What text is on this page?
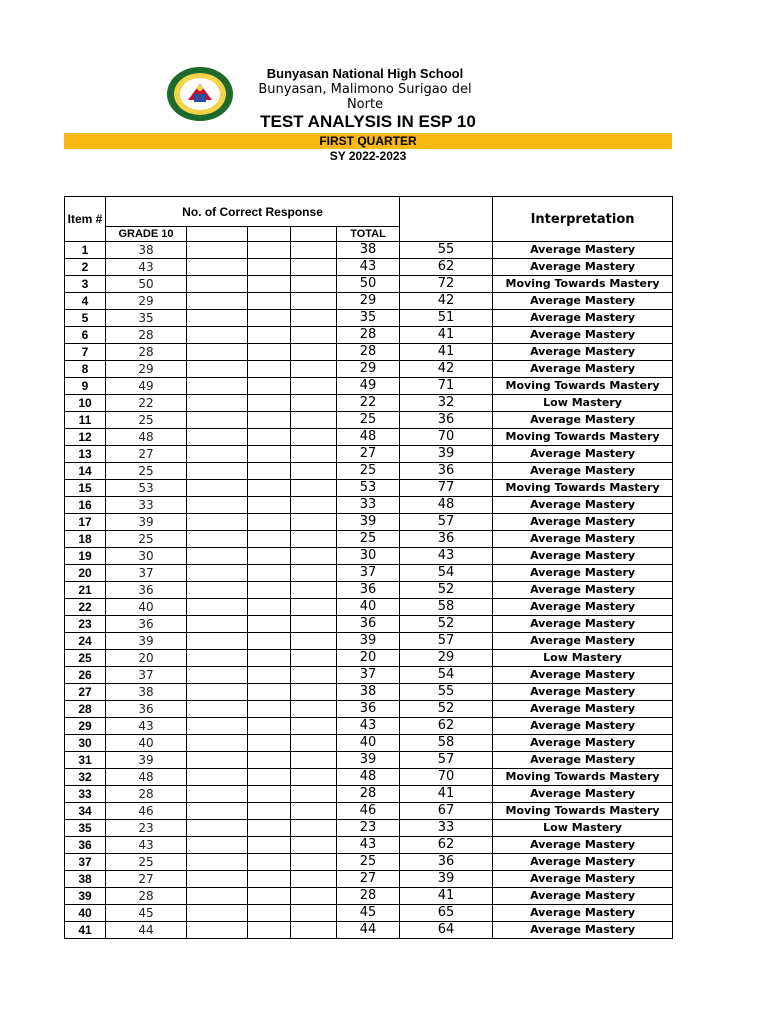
Bunyasan National High School
Bunyasan, Malimono Surigao del Norte
TEST ANALYSIS IN ESP 10
FIRST QUARTER
SY 2022-2023
Item #	No. of Correct Response						Interpretation
	GRADE 10				TOTAL		
1	38				38	55	Average Mastery
2	43				43	62	Average Mastery
3	50				50	72	Moving Towards Mastery
4	29				29	42	Average Mastery
5	35				35	51	Average Mastery
6	28				28	41	Average Mastery
7	28				28	41	Average Mastery
8	29				29	42	Average Mastery
9	49				49	71	Moving Towards Mastery
10	22				22	32	Low Mastery
11	25				25	36	Average Mastery
12	48				48	70	Moving Towards Mastery
13	27				27	39	Average Mastery
14	25				25	36	Average Mastery
15	53				53	77	Moving Towards Mastery
16	33				33	48	Average Mastery
17	39				39	57	Average Mastery
18	25				25	36	Average Mastery
19	30				30	43	Average Mastery
20	37				37	54	Average Mastery
21	36				36	52	Average Mastery
22	40				40	58	Average Mastery
23	36				36	52	Average Mastery
24	39				39	57	Average Mastery
25	20				20	29	Low Mastery
26	37				37	54	Average Mastery
27	38				38	55	Average Mastery
28	36				36	52	Average Mastery
29	43				43	62	Average Mastery
30	40				40	58	Average Mastery
31	39				39	57	Average Mastery
32	48				48	70	Moving Towards Mastery
33	28				28	41	Average Mastery
34	46				46	67	Moving Towards Mastery
35	23				23	33	Low Mastery
36	43				43	62	Average Mastery
37	25				25	36	Average Mastery
38	27				27	39	Average Mastery
39	28				28	41	Average Mastery
40	45				45	65	Average Mastery
41	44				44	64	Average Mastery
